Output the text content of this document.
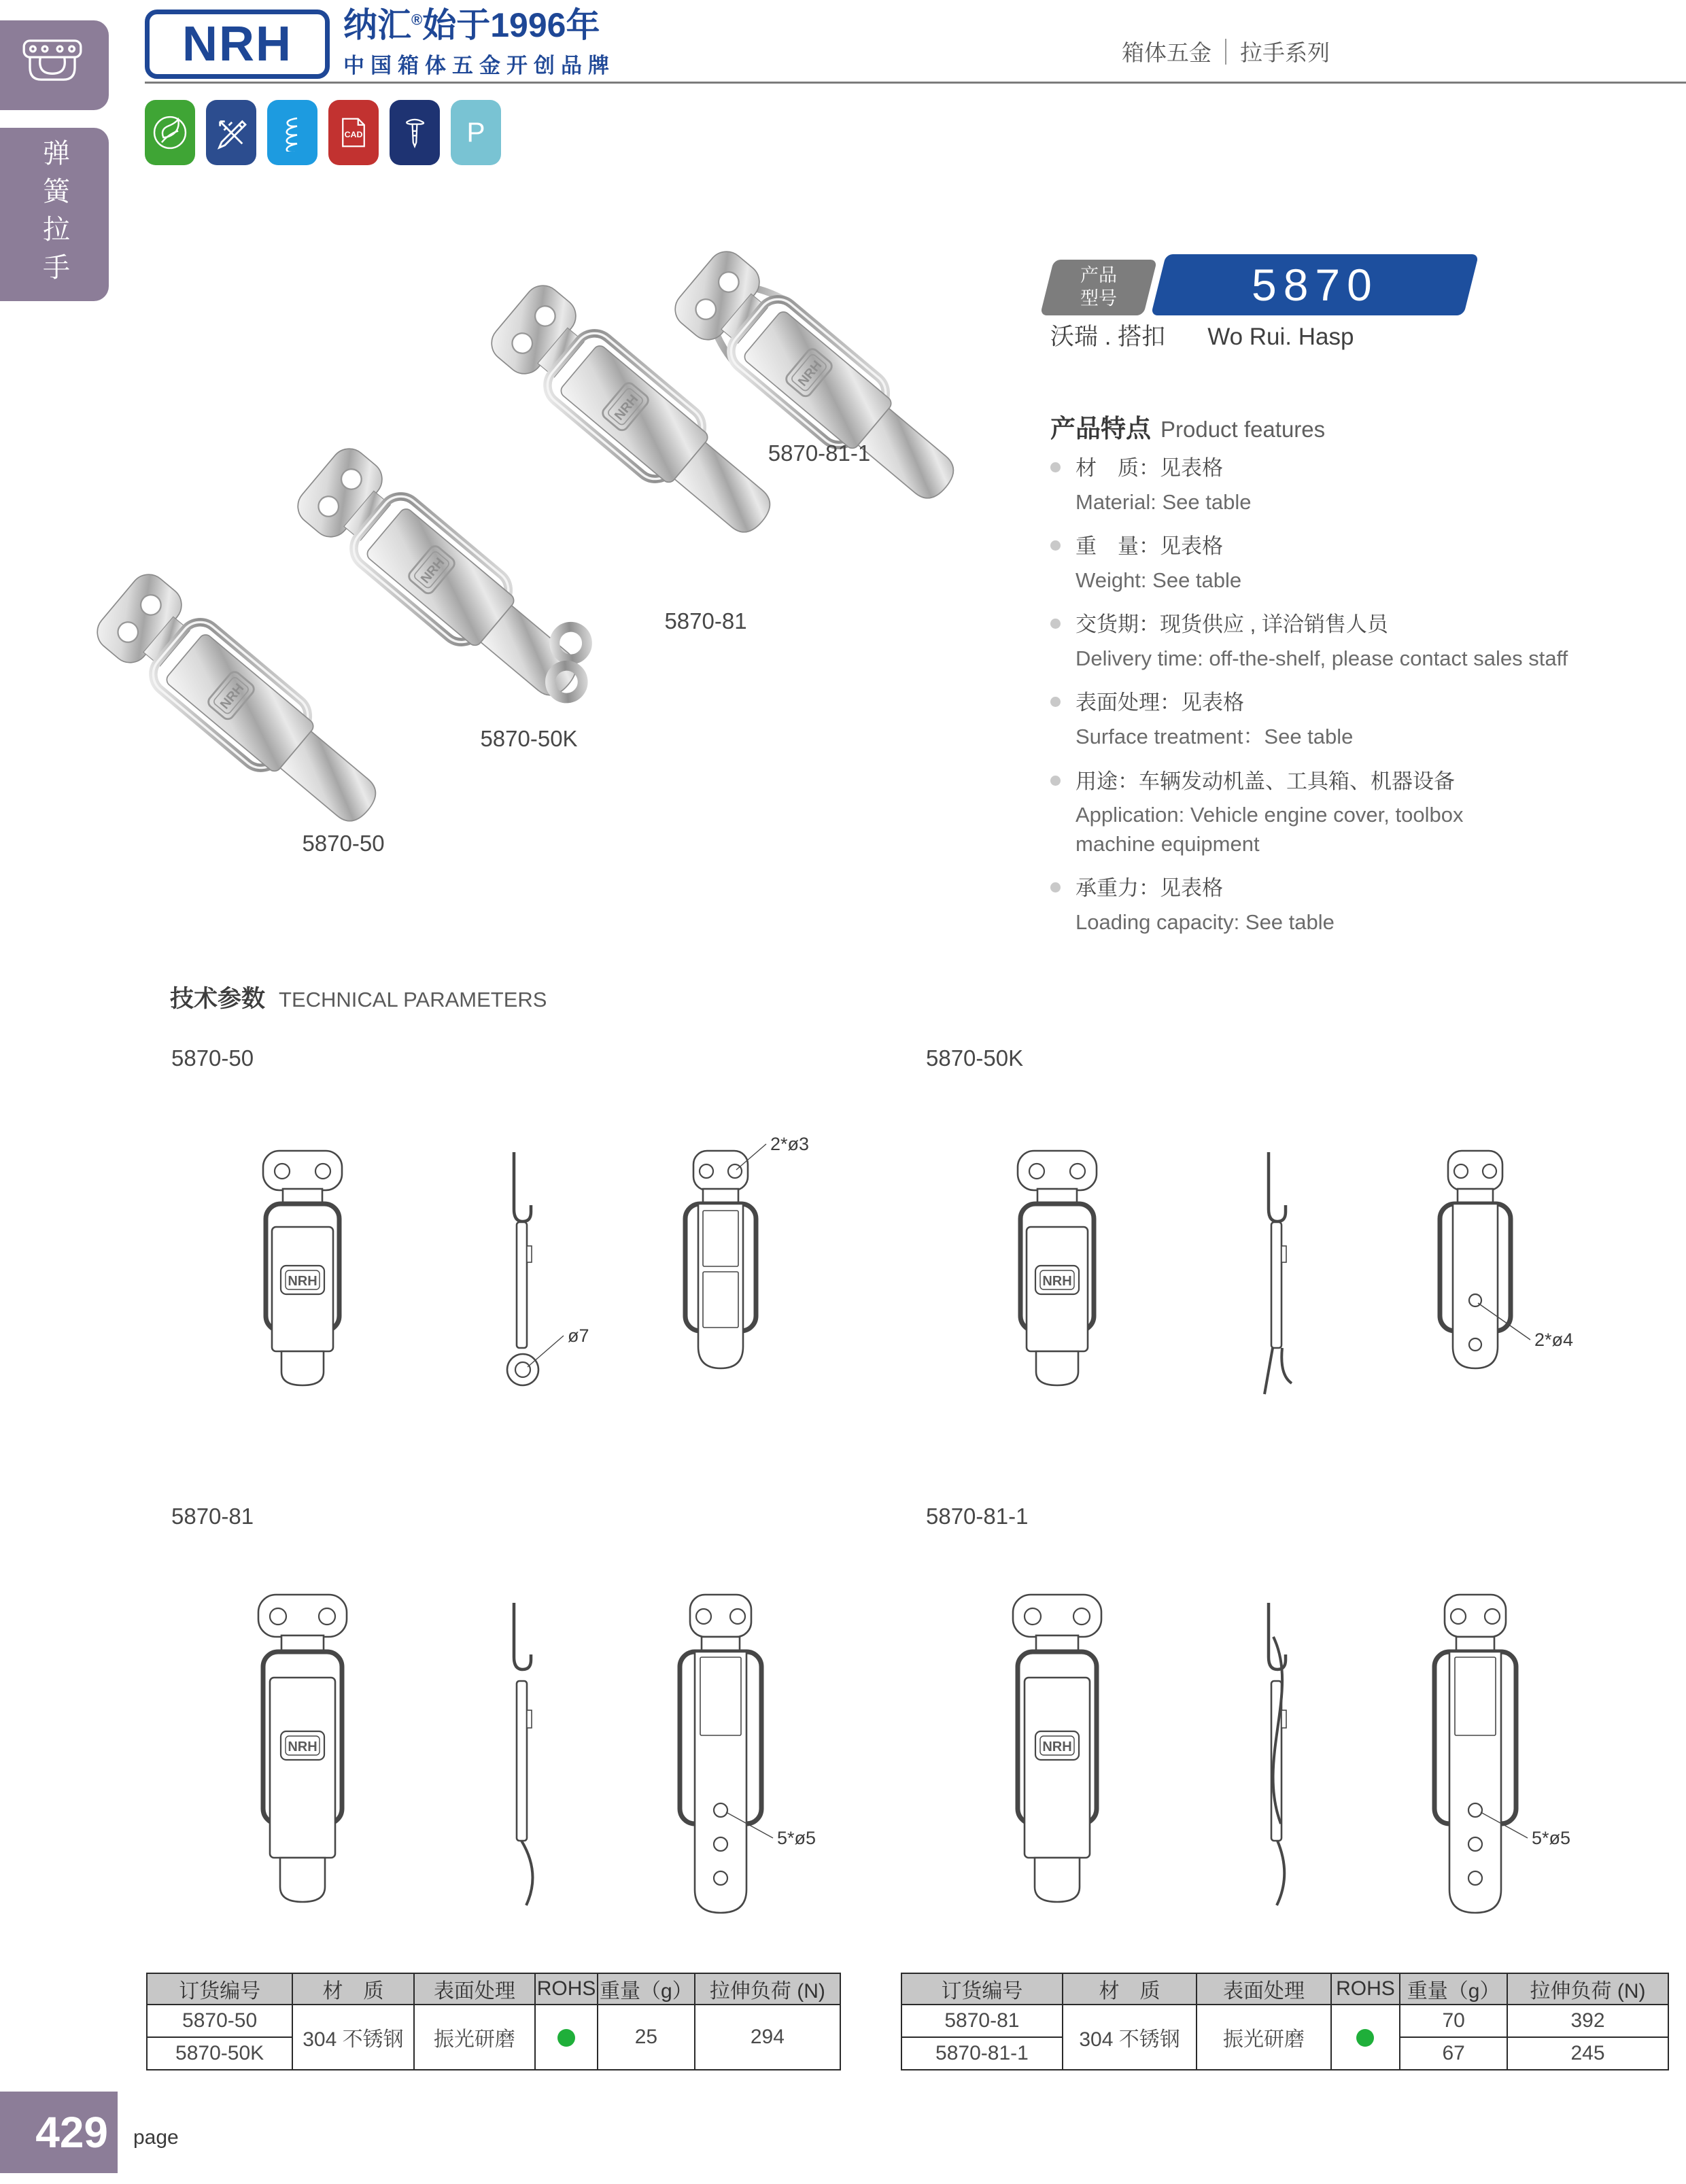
弹簧拉手
NRH 纳汇®始于1996年
中国箱体五金开创品牌
箱体五金 拉手系列
CAD	P
NRH
NRH
NRH
NRH
5870-81-1
5870-81
5870-50K
5870-50
产品
型号	5870
沃瑞 . 搭扣 Wo Rui. Hasp
产品特点 Product features
材　质：见表格
Material: See table
重　量：见表格
Weight: See table
交货期：现货供应 , 详洽销售人员
Delivery time: off-the-shelf, please contact sales staff
表面处理：见表格
Surface treatment：See table
用途：车辆发动机盖、工具箱、机器设备
Application: Vehicle engine cover, toolbox
machine equipment
承重力：见表格
Loading capacity: See table
技术参数 TECHNICAL PARAMETERS
5870-50	5870-50K
5870-81	5870-81-1
NRH
ø7
2*ø3
NRH
2*ø4
NRH
5*ø5
NRH
5*ø5
订货编号	材　质	表面处理	ROHS	重量（g）	拉伸负荷 (N)
5870-50	304 不锈钢	振光研磨		25	294
5870-50K					
订货编号	材　质	表面处理	ROHS	重量（g）	拉伸负荷 (N)
5870-81	304 不锈钢	振光研磨		70	392
5870-81-1				67	245
429 page
